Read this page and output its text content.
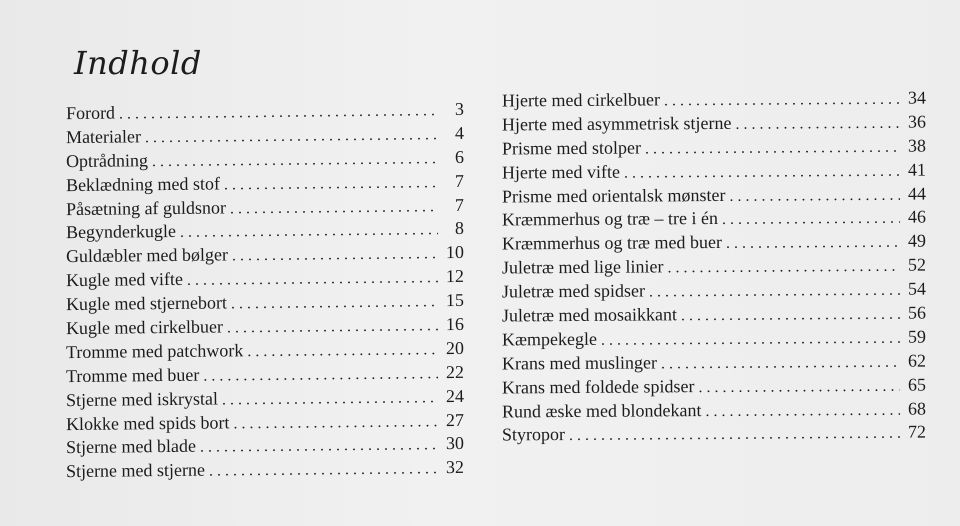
Indhold
Forord . . .	3
Materialer . . .	4
Optrådning . . .	6
Beklædning med stof . . .	7
Påsætning af guldsnor . . .	7
Begynderkugle . . .	8
Guldæbler med bølger . . .	10
Kugle med vifte . . .	12
Kugle med stjernebort . . .	15
Kugle med cirkelbuer . . .	16
Tromme med patchwork . . .	20
Tromme med buer . . .	22
Stjerne med iskrystal . . .	24
Klokke med spids bort . . .	27
Stjerne med blade . . .	30
Stjerne med stjerne . . .	32
Hjerte med cirkelbuer . . .	34
Hjerte med asymmetrisk stjerne . . .	36
Prisme med stolper . . .	38
Hjerte med vifte . . .	41
Prisme med orientalsk mønster . . .	44
Kræmmerhus og træ – tre i én . . .	46
Kræmmerhus og træ med buer . . .	49
Juletræ med lige linier . . .	52
Juletræ med spidser . . .	54
Juletræ med mosaikkant . . .	56
Kæmpekegle . . .	59
Krans med muslinger . . .	62
Krans med foldede spidser . . .	65
Rund æske med blondekant . . .	68
Styropor . . .	72
